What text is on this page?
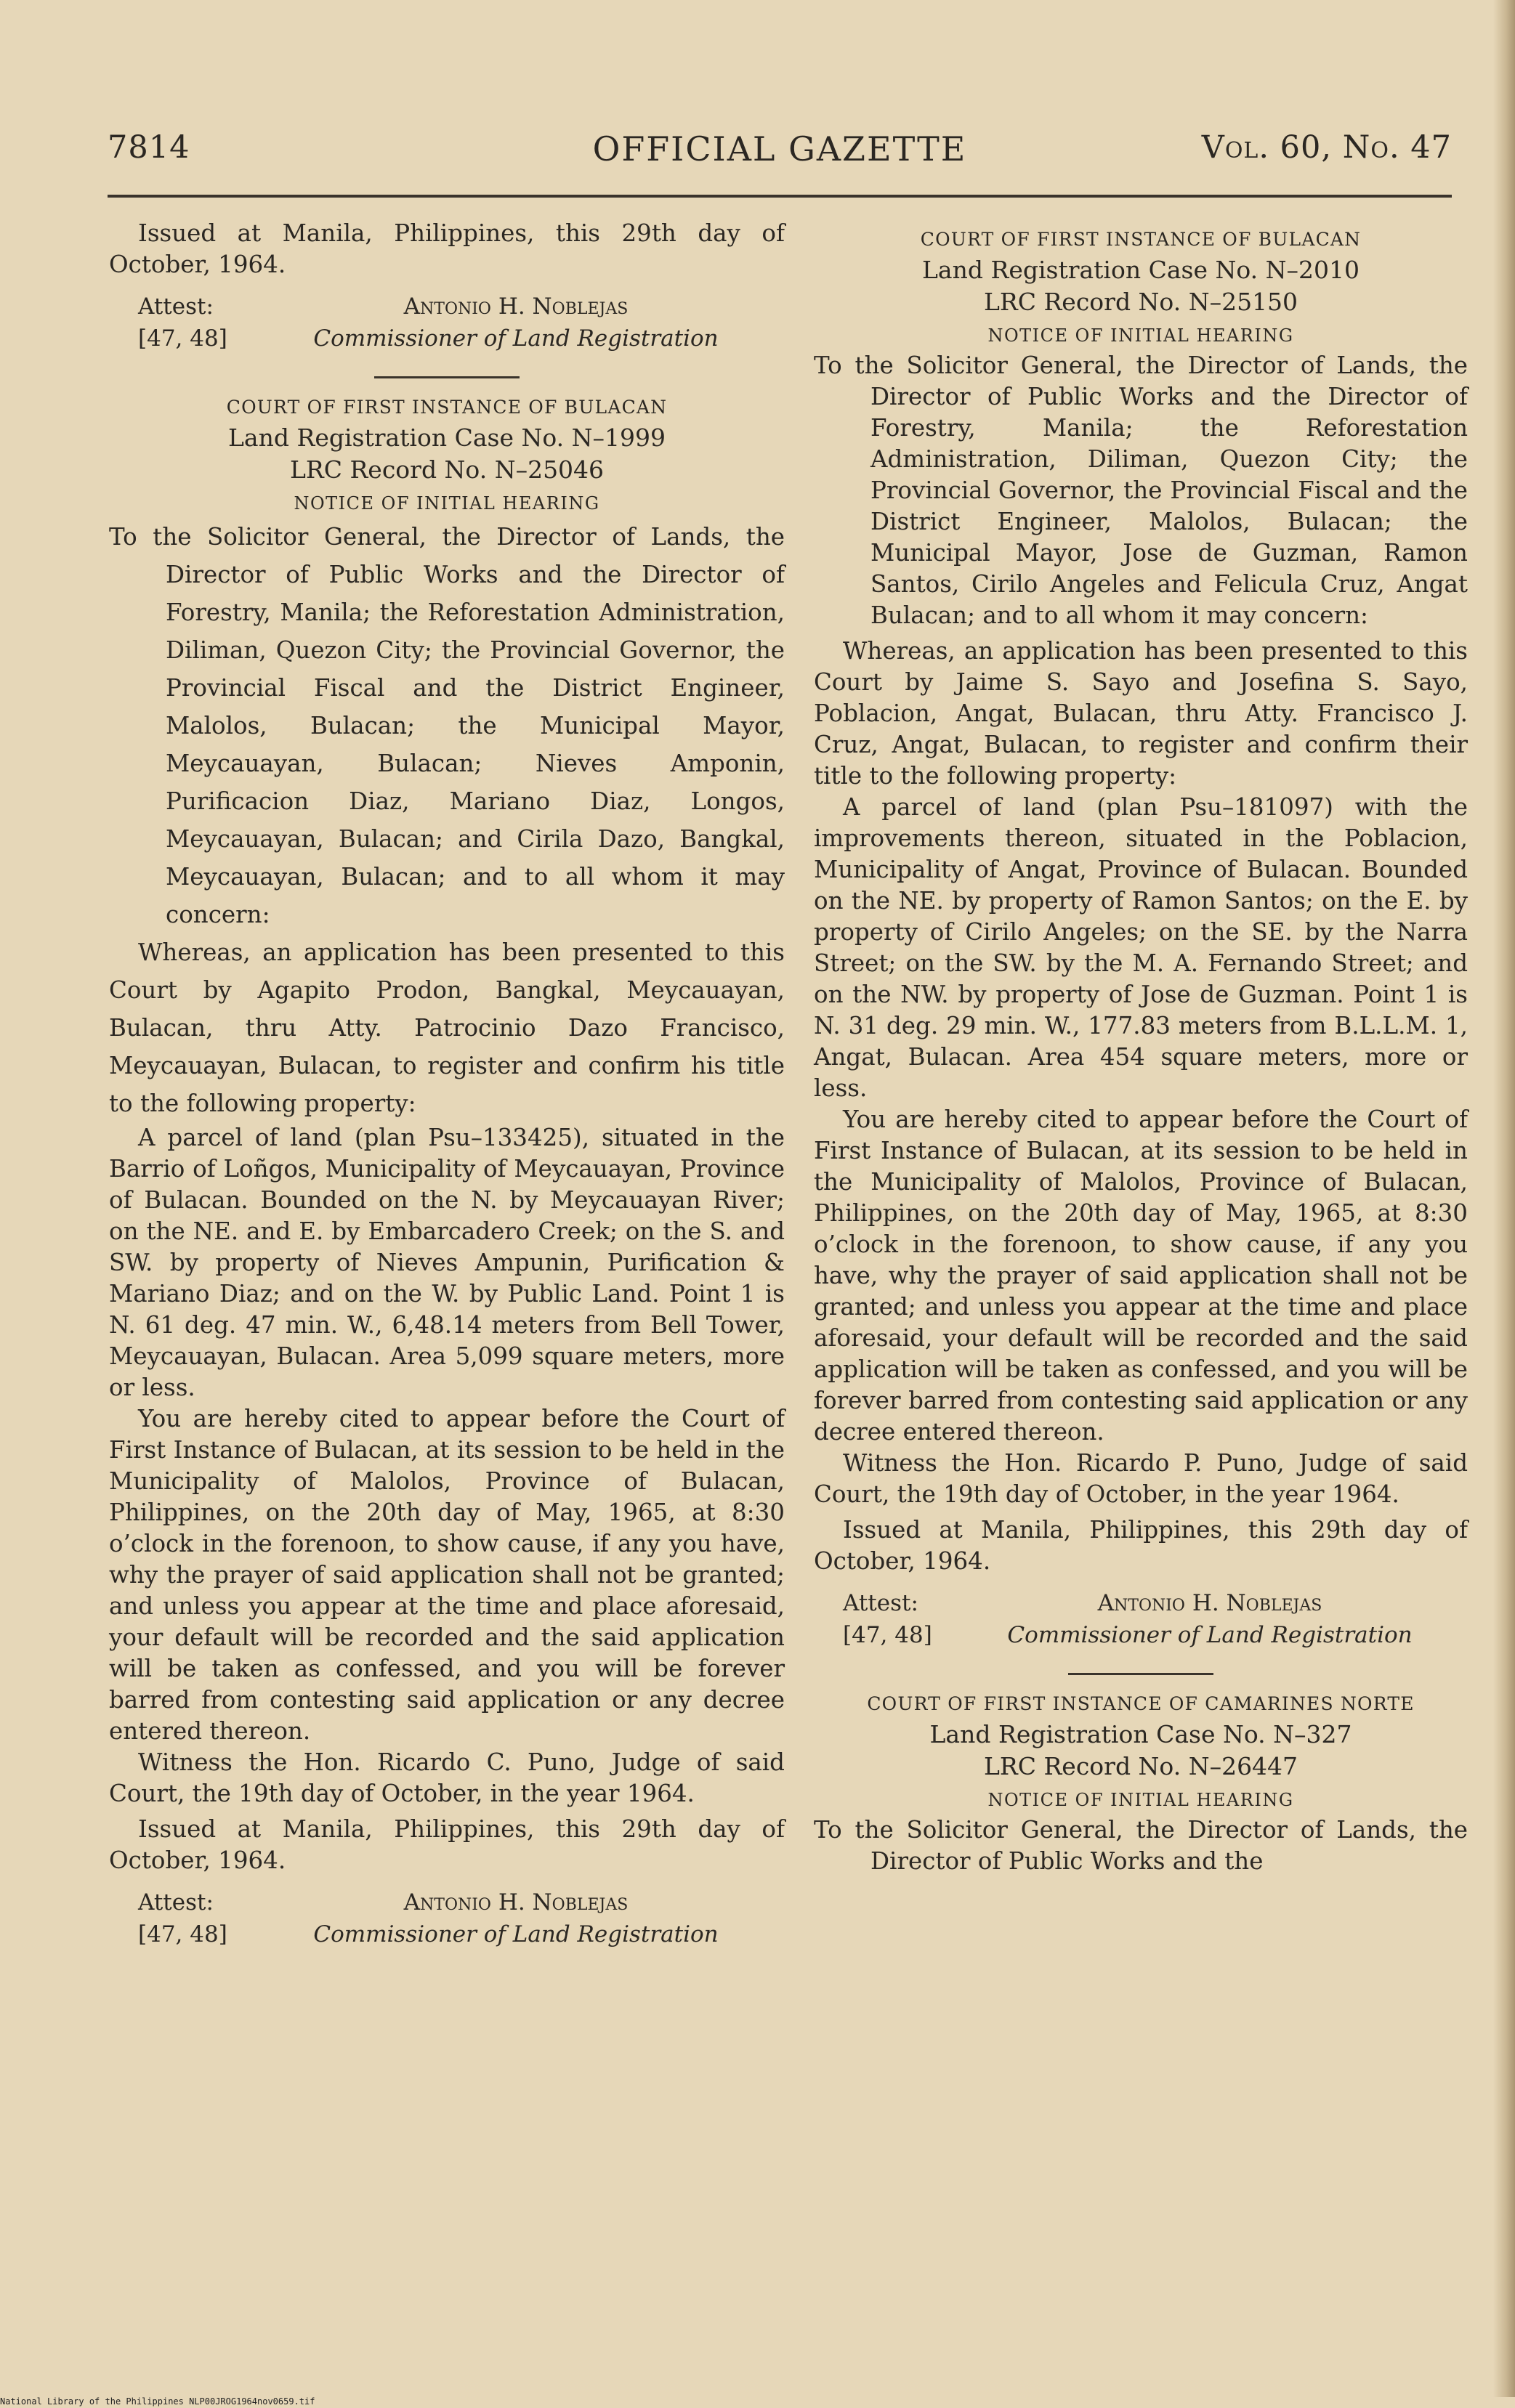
7814	OFFICIAL GAZETTE	Vol. 60, No. 47

Issued at Manila, Philippines, this 29th day of October, 1964.

Attest:	Antonio H. Noblejas
[47, 48]	Commissioner of Land Registration
COURT OF FIRST INSTANCE OF BULACAN
Land Registration Case No. N–1999
LRC Record No. N–25046
NOTICE OF INITIAL HEARING

To the Solicitor General, the Director of Lands, the Director of Public Works and the Director of Forestry, Manila; the Reforestation Administration, Diliman, Quezon City; the Provincial Governor, the Provincial Fiscal and the District Engineer, Malolos, Bulacan; the Municipal Mayor, Meycauayan, Bulacan; Nieves Amponin, Purificacion Diaz, Mariano Diaz, Longos, Meycauayan, Bulacan; and Cirila Dazo, Bangkal, Meycauayan, Bulacan; and to all whom it may concern:

Whereas, an application has been presented to this Court by Agapito Prodon, Bangkal, Meycauayan, Bulacan, thru Atty. Patrocinio Dazo Francisco, Meycauayan, Bulacan, to register and confirm his title to the following property:

A parcel of land (plan Psu–133425), situated in the Barrio of Loñgos, Municipality of Meycauayan, Province of Bulacan. Bounded on the N. by Meycauayan River; on the NE. and E. by Embarcadero Creek; on the S. and SW. by property of Nieves Ampunin, Purification & Mariano Diaz; and on the W. by Public Land. Point 1 is N. 61 deg. 47 min. W., 6,48.14 meters from Bell Tower, Meycauayan, Bulacan. Area 5,099 square meters, more or less.

You are hereby cited to appear before the Court of First Instance of Bulacan, at its session to be held in the Municipality of Malolos, Province of Bulacan, Philippines, on the 20th day of May, 1965, at 8:30 o’clock in the forenoon, to show cause, if any you have, why the prayer of said application shall not be granted; and unless you appear at the time and place aforesaid, your default will be recorded and the said application will be taken as confessed, and you will be forever barred from contesting said application or any decree entered thereon.

Witness the Hon. Ricardo C. Puno, Judge of said Court, the 19th day of October, in the year 1964.

Issued at Manila, Philippines, this 29th day of October, 1964.

Attest:	Antonio H. Noblejas
[47, 48]	Commissioner of Land Registration
COURT OF FIRST INSTANCE OF BULACAN
Land Registration Case No. N–2010
LRC Record No. N–25150
NOTICE OF INITIAL HEARING

To the Solicitor General, the Director of Lands, the Director of Public Works and the Director of Forestry, Manila; the Reforestation Administration, Diliman, Quezon City; the Provincial Governor, the Provincial Fiscal and the District Engineer, Malolos, Bulacan; the Municipal Mayor, Jose de Guzman, Ramon Santos, Cirilo Angeles and Felicula Cruz, Angat Bulacan; and to all whom it may concern:

Whereas, an application has been presented to this Court by Jaime S. Sayo and Josefina S. Sayo, Poblacion, Angat, Bulacan, thru Atty. Francisco J. Cruz, Angat, Bulacan, to register and confirm their title to the following property:

A parcel of land (plan Psu–181097) with the improvements thereon, situated in the Poblacion, Municipality of Angat, Province of Bulacan. Bounded on the NE. by property of Ramon Santos; on the E. by property of Cirilo Angeles; on the SE. by the Narra Street; on the SW. by the M. A. Fernando Street; and on the NW. by property of Jose de Guzman. Point 1 is N. 31 deg. 29 min. W., 177.83 meters from B.L.L.M. 1, Angat, Bulacan. Area 454 square meters, more or less.

You are hereby cited to appear before the Court of First Instance of Bulacan, at its session to be held in the Municipality of Malolos, Province of Bulacan, Philippines, on the 20th day of May, 1965, at 8:30 o’clock in the forenoon, to show cause, if any you have, why the prayer of said application shall not be granted; and unless you appear at the time and place aforesaid, your default will be recorded and the said application will be taken as confessed, and you will be forever barred from contesting said application or any decree entered thereon.

Witness the Hon. Ricardo P. Puno, Judge of said Court, the 19th day of October, in the year 1964.

Issued at Manila, Philippines, this 29th day of October, 1964.

Attest:	Antonio H. Noblejas
[47, 48]	Commissioner of Land Registration
COURT OF FIRST INSTANCE OF CAMARINES NORTE
Land Registration Case No. N–327
LRC Record No. N–26447
NOTICE OF INITIAL HEARING

To the Solicitor General, the Director of Lands, the Director of Public Works and the

National Library of the Philippines NLP00JROG1964nov0659.tif
